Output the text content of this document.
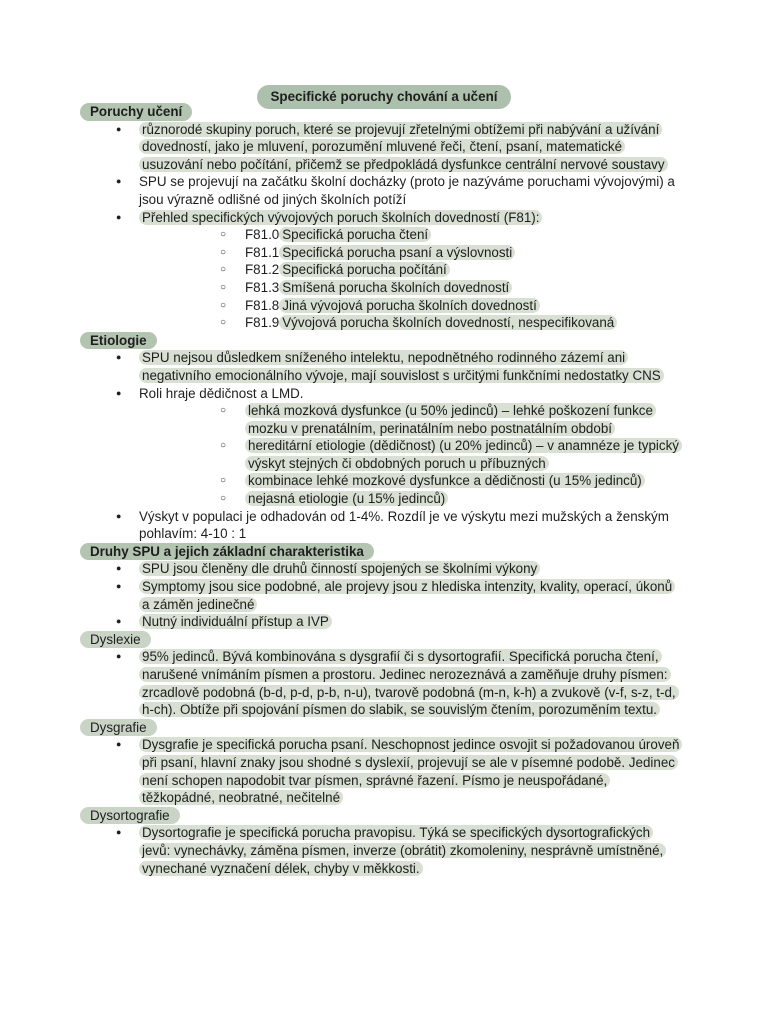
Specifické poruchy chování a učení
Poruchy učení
● různorodé skupiny poruch, které se projevují zřetelnými obtížemi při nabývání a užívání dovedností, jako je mluvení, porozumění mluvené řeči, čtení, psaní, matematické usuzování nebo počítání, přičemž se předpokládá dysfunkce centrální nervové soustavy
● SPU se projevují na začátku školní docházky (proto je nazýváme poruchami vývojovými) a jsou výrazně odlišné od jiných školních potíží
● Přehled specifických vývojových poruch školních dovedností (F81):
○ F81.0 Specifická porucha čtení
○ F81.1 Specifická porucha psaní a výslovnosti
○ F81.2 Specifická porucha počítání
○ F81.3 Smíšená porucha školních dovedností
○ F81.8 Jiná vývojová porucha školních dovedností
○ F81.9 Vývojová porucha školních dovedností, nespecifikovaná
Etiologie
● SPU nejsou důsledkem sníženého intelektu, nepodnětného rodinného zázemí ani negativního emocionálního vývoje, mají souvislost s určitými funkčními nedostatky CNS
● Roli hraje dědičnost a LMD.
○ lehká mozková dysfunkce (u 50% jedinců) – lehké poškození funkce mozku v prenatálním, perinatálním nebo postnatálním období
○ hereditární etiologie (dědičnost) (u 20% jedinců) – v anamnéze je typický výskyt stejných či obdobných poruch u příbuzných
○ kombinace lehké mozkové dysfunkce a dědičnosti (u 15% jedinců)
○ nejasná etiologie (u 15% jedinců)
● Výskyt v populaci je odhadován od 1-4%. Rozdíl je ve výskytu mezi mužských a ženským pohlavím: 4-10 : 1
Druhy SPU a jejich základní charakteristika
● SPU jsou členěny dle druhů činností spojených se školními výkony
● Symptomy jsou sice podobné, ale projevy jsou z hlediska intenzity, kvality, operací, úkonů a záměn jedinečné
● Nutný individuální přístup a IVP
Dyslexie
● 95% jedinců. Bývá kombinována s dysgrafií či s dysortografií. Specifická porucha čtení, narušené vnímáním písmen a prostoru. Jedinec nerozeznává a zaměňuje druhy písmen: zrcadlově podobná (b-d, p-d, p-b, n-u), tvarově podobná (m-n, k-h) a zvukově (v-f, s-z, t-d, h-ch). Obtíže při spojování písmen do slabik, se souvislým čtením, porozuměním textu.
Dysgrafie
● Dysgrafie je specifická porucha psaní. Neschopnost jedince osvojit si požadovanou úroveň při psaní, hlavní znaky jsou shodné s dyslexií, projevují se ale v písemné podobě. Jedinec není schopen napodobit tvar písmen, správné řazení. Písmo je neuspořádané, těžkopádné, neobratné, nečitelné
Dysortografie
● Dysortografie je specifická porucha pravopisu. Týká se specifických dysortografických jevů: vynechávky, záměna písmen, inverze (obrátit) zkomoleniny, nesprávně umístněné, vynechané vyznačení délek, chyby v měkkosti.
